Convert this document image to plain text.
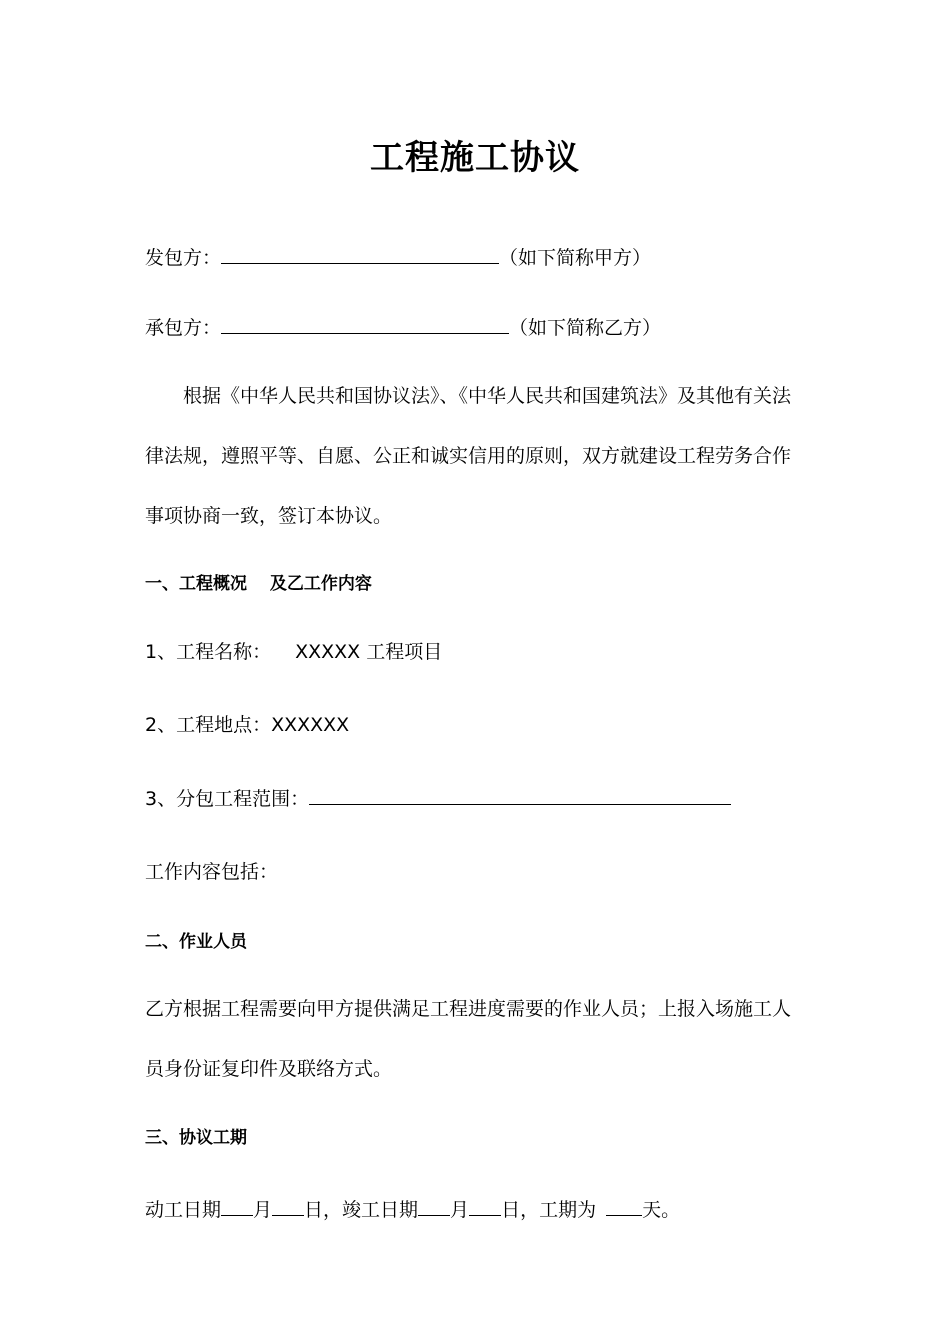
工程施工协议
发包方：	（如下简称甲方）
承包方：	（如下简称乙方）
根据《中华人民共和国协议法》、《中华人民共和国建筑法》及其他有关法律法规，遵照平等、自愿、公正和诚实信用的原则，双方就建设工程劳务合作事项协商一致，签订本协议。
一、工程概况　 及乙工作内容
1、工程名称： XXXXX 工程项目
2、工程地点：XXXXXX
3、分包工程范围：
工作内容包括：
二、作业人员
乙方根据工程需要向甲方提供满足工程进度需要的作业人员；上报入场施工人员身份证复印件及联络方式。
三、协议工期
动工日期 月 日，竣工日期 月 日，工期为 天。
